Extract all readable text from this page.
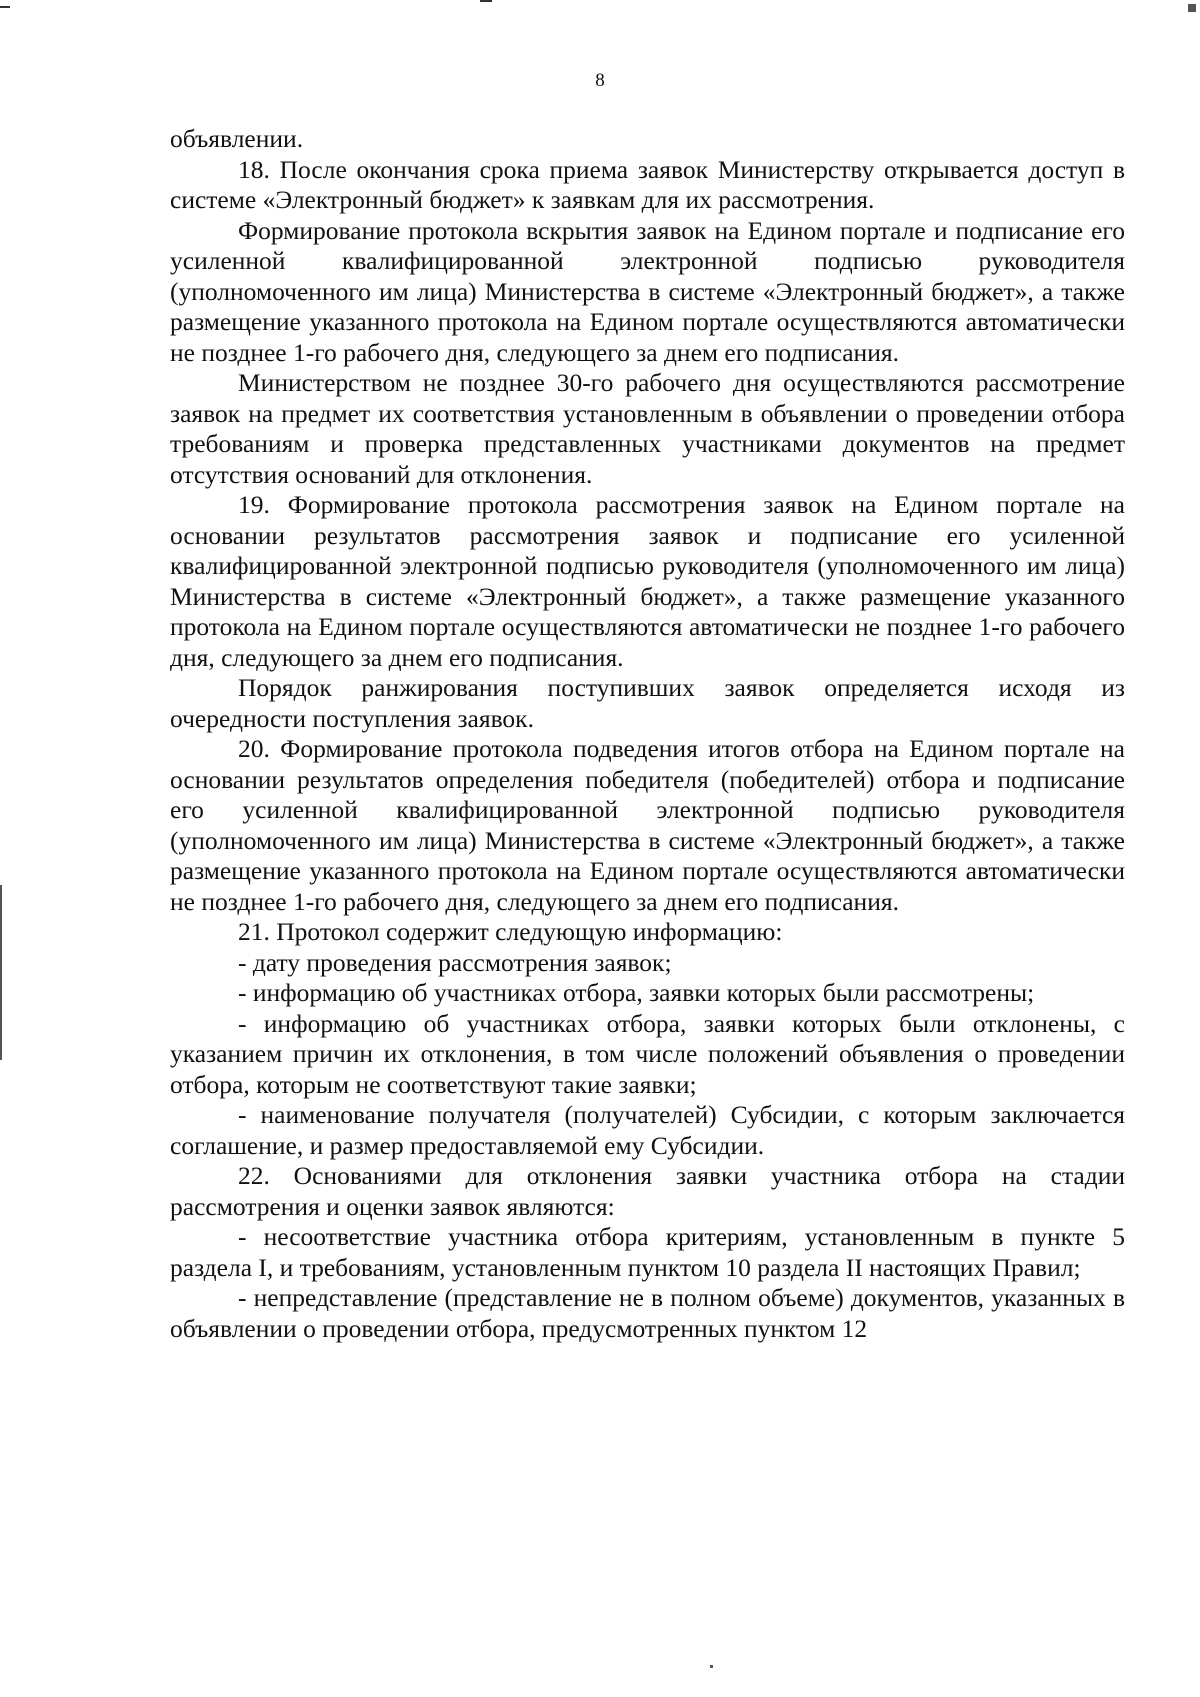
8

объявлении.

18. После окончания срока приема заявок Министерству открывается доступ в системе «Электронный бюджет» к заявкам для их рассмотрения.

Формирование протокола вскрытия заявок на Едином портале и подписание его усиленной квалифицированной электронной подписью руководителя (уполномоченного им лица) Министерства в системе «Электронный бюджет», а также размещение указанного протокола на Едином портале осуществляются автоматически не позднее 1-го рабочего дня, следующего за днем его подписания.

Министерством не позднее 30-го рабочего дня осуществляются рассмотрение заявок на предмет их соответствия установленным в объявлении о проведении отбора требованиям и проверка представленных участниками документов на предмет отсутствия оснований для отклонения.

19. Формирование протокола рассмотрения заявок на Едином портале на основании результатов рассмотрения заявок и подписание его усиленной квалифицированной электронной подписью руководителя (уполномоченного им лица) Министерства в системе «Электронный бюджет», а также размещение указанного протокола на Едином портале осуществляются автоматически не позднее 1-го рабочего дня, следующего за днем его подписания.

Порядок ранжирования поступивших заявок определяется исходя из очередности поступления заявок.

20. Формирование протокола подведения итогов отбора на Едином портале на основании результатов определения победителя (победителей) отбора и подписание его усиленной квалифицированной электронной подписью руководителя (уполномоченного им лица) Министерства в системе «Электронный бюджет», а также размещение указанного протокола на Едином портале осуществляются автоматически не позднее 1-го рабочего дня, следующего за днем его подписания.

21. Протокол содержит следующую информацию:

- дату проведения рассмотрения заявок;

- информацию об участниках отбора, заявки которых были рассмотрены;

- информацию об участниках отбора, заявки которых были отклонены, с указанием причин их отклонения, в том числе положений объявления о проведении отбора, которым не соответствуют такие заявки;

- наименование получателя (получателей) Субсидии, с которым заключается соглашение, и размер предоставляемой ему Субсидии.

22. Основаниями для отклонения заявки участника отбора на стадии рассмотрения и оценки заявок являются:

- несоответствие участника отбора критериям, установленным в пункте 5 раздела I, и требованиям, установленным пунктом 10 раздела II настоящих Правил;

- непредставление (представление не в полном объеме) документов, указанных в объявлении о проведении отбора, предусмотренных пунктом 12
